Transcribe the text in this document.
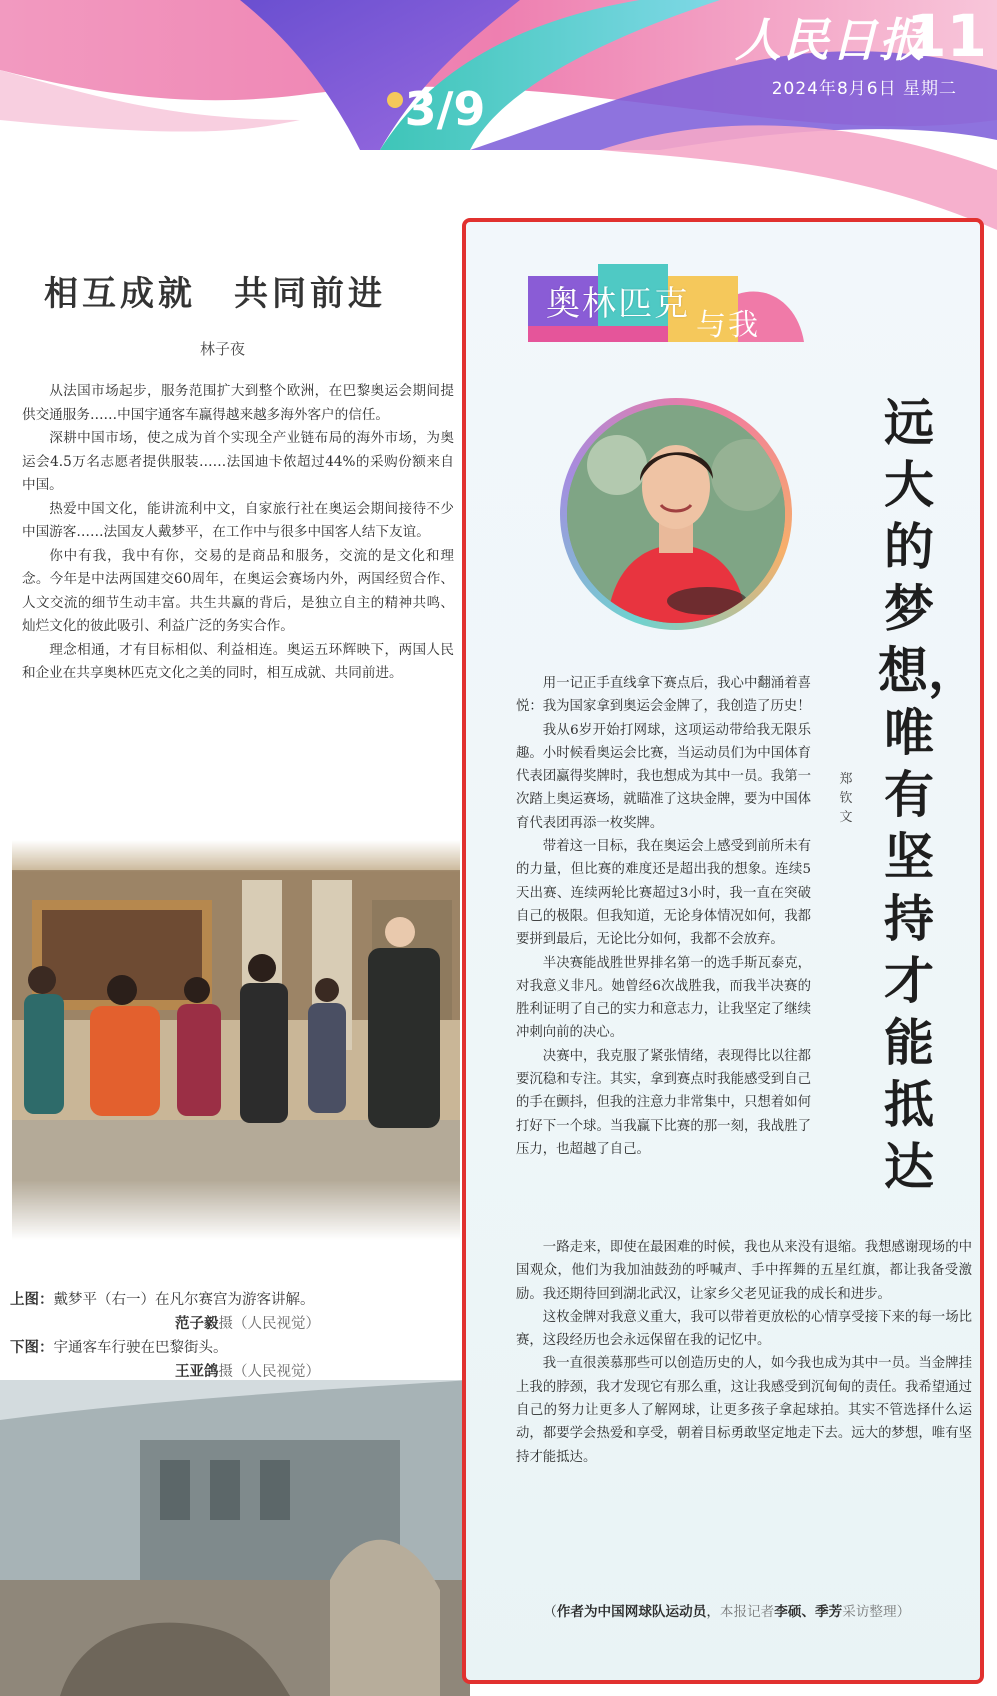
人民日报
11
2024年8月6日 星期二
3/9
相互成就　共同前进
林子夜

从法国市场起步，服务范围扩大到整个欧洲，在巴黎奥运会期间提供交通服务……中国宇通客车赢得越来越多海外客户的信任。

深耕中国市场，使之成为首个实现全产业链布局的海外市场，为奥运会4.5万名志愿者提供服装……法国迪卡侬超过44%的采购份额来自中国。

热爱中国文化，能讲流利中文，自家旅行社在奥运会期间接待不少中国游客……法国友人戴梦平，在工作中与很多中国客人结下友谊。

你中有我，我中有你，交易的是商品和服务，交流的是文化和理念。今年是中法两国建交60周年，在奥运会赛场内外，两国经贸合作、人文交流的细节生动丰富。共生共赢的背后，是独立自主的精神共鸣、灿烂文化的彼此吸引、利益广泛的务实合作。

理念相通，才有目标相似、利益相连。奥运五环辉映下，两国人民和企业在共享奥林匹克文化之美的同时，相互成就、共同前进。

上图：戴梦平（右一）在凡尔赛宫为游客讲解。
范子毅摄（人民视觉）
下图：宇通客车行驶在巴黎街头。
王亚鸽摄（人民视觉）
奥林匹克
与我
远大的梦想，唯有坚持才能抵达
郑钦文

用一记正手直线拿下赛点后，我心中翻涌着喜悦：我为国家拿到奥运会金牌了，我创造了历史！

我从6岁开始打网球，这项运动带给我无限乐趣。小时候看奥运会比赛，当运动员们为中国体育代表团赢得奖牌时，我也想成为其中一员。我第一次踏上奥运赛场，就瞄准了这块金牌，要为中国体育代表团再添一枚奖牌。

带着这一目标，我在奥运会上感受到前所未有的力量，但比赛的难度还是超出我的想象。连续5天出赛、连续两轮比赛超过3小时，我一直在突破自己的极限。但我知道，无论身体情况如何，我都要拼到最后，无论比分如何，我都不会放弃。

半决赛能战胜世界排名第一的选手斯瓦泰克，对我意义非凡。她曾经6次战胜我，而我半决赛的胜利证明了自己的实力和意志力，让我坚定了继续冲刺向前的决心。

决赛中，我克服了紧张情绪，表现得比以往都要沉稳和专注。其实，拿到赛点时我能感受到自己的手在颤抖，但我的注意力非常集中，只想着如何打好下一个球。当我赢下比赛的那一刻，我战胜了压力，也超越了自己。

一路走来，即使在最困难的时候，我也从来没有退缩。我想感谢现场的中国观众，他们为我加油鼓劲的呼喊声、手中挥舞的五星红旗，都让我备受激励。我还期待回到湖北武汉，让家乡父老见证我的成长和进步。

这枚金牌对我意义重大，我可以带着更放松的心情享受接下来的每一场比赛，这段经历也会永远保留在我的记忆中。

我一直很羡慕那些可以创造历史的人，如今我也成为其中一员。当金牌挂上我的脖颈，我才发现它有那么重，这让我感受到沉甸甸的责任。我希望通过自己的努力让更多人了解网球，让更多孩子拿起球拍。其实不管选择什么运动，都要学会热爱和享受，朝着目标勇敢坚定地走下去。远大的梦想，唯有坚持才能抵达。

（作者为中国网球队运动员，本报记者李硕、季芳采访整理）
